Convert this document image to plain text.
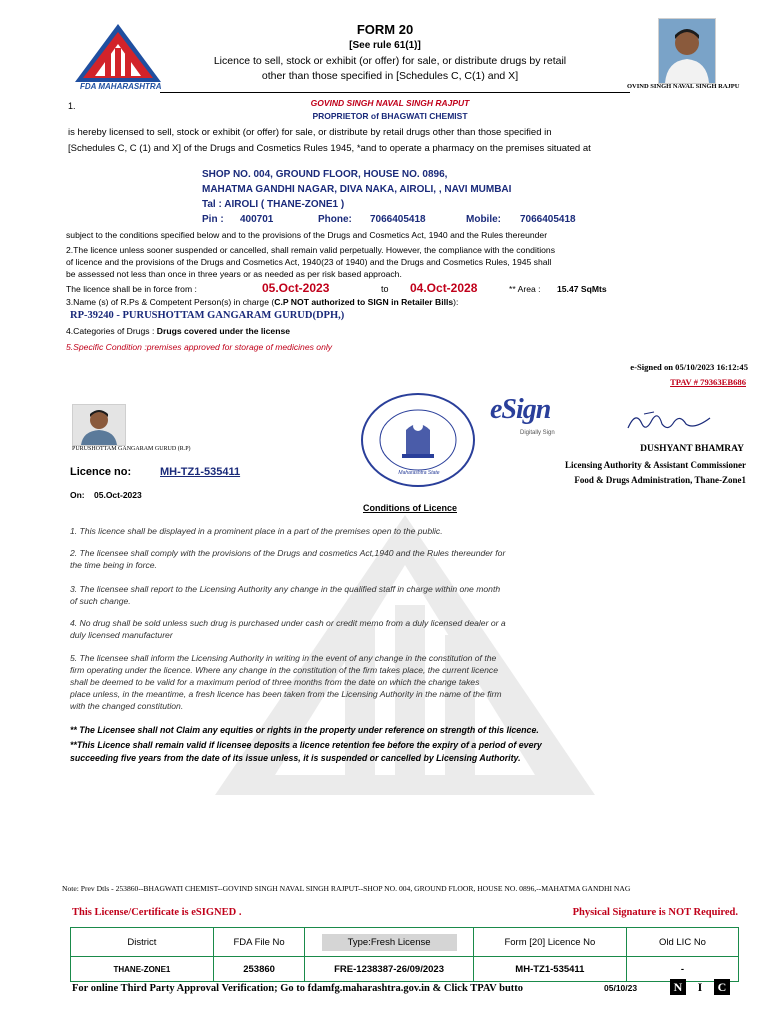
FDA MAHARASHTRA
FORM 20
[See rule 61(1)]
Licence to sell, stock or exhibit (or offer) for sale, or distribute drugs by retail
other than those specified in [Schedules C, C(1) and X]
OVIND SINGH NAVAL SINGH RAJPU
1.	GOVIND SINGH NAVAL SINGH RAJPUT
PROPRIETOR of BHAGWATI CHEMIST
is hereby licensed to sell, stock or exhibit (or offer) for sale, or distribute by retail drugs other than those specified in
[Schedules C, C (1) and X] of the Drugs and Cosmetics Rules 1945, *and to operate a pharmacy on the premises situated at
SHOP NO. 004, GROUND FLOOR, HOUSE NO. 0896,
MAHATMA GANDHI NAGAR, DIVA NAKA, AIROLI, , NAVI MUMBAI
Tal : AIROLI ( THANE-ZONE1 )
Pin : 400701	Phone: 7066405418	Mobile: 7066405418
subject to the conditions specified below and to the provisions of the Drugs and Cosmetics Act, 1940 and the Rules thereunder
2.The licence unless sooner suspended or cancelled, shall remain valid perpetually. However, the compliance with the conditions
of licence and the provisions of the Drugs and Cosmetics Act, 1940(23 of 1940) and the Drugs and Cosmetics Rules, 1945 shall
be assessed not less than once in three years or as needed as per risk based approach.
The licence shall be in force from :	05.Oct-2023	to 04.Oct-2028	** Area : 15.47 SqMts
3.Name (s) of R.Ps & Competent Person(s) in charge (C.P NOT authorized to SIGN in Retailer Bills):
RP-39240 - PURUSHOTTAM GANGARAM GURUD(DPH,)
4.Categories of Drugs : Drugs covered under the license
5.Specific Condition :premises approved for storage of medicines only
e-Signed on 05/10/2023 16:12:45
TPAV # 79363EB686
PURUSHOTTAM GANGARAM GURUD (R.P)
Maharashtra State
eSign
Digitally Sign
DUSHYANT BHAMRAY
Licensing Authority & Assistant Commissioner
Food & Drugs Administration, Thane-Zone1
Licence no:	MH-TZ1-535411
On: 05.Oct-2023
Conditions of Licence
1. This licence shall be displayed in a prominent place in a part of the premises open to the public.
2. The licensee shall comply with the provisions of the Drugs and cosmetics Act,1940 and the Rules thereunder for
the time being in force.
3. The licensee shall report to the Licensing Authority any change in the qualified staff in charge within one month
of such change.
4. No drug shall be sold unless such drug is purchased under cash or credit memo from a duly licensed dealer or a
duly licensed manufacturer
5. The licensee shall inform the Licensing Authority in writing in the event of any change in the constitution of the
firm operating under the licence. Where any change in the constitution of the firm takes place, the current licence
shall be deemed to be valid for a maximum period of three months from the date on which the change takes
place unless, in the meantime, a fresh licence has been taken from the Licensing Authority in the name of the firm
with the changed constitution.
** The Licensee shall not Claim any equities or rights in the property under reference on strength of this licence.
**This Licence shall remain valid if licensee deposits a licence retention fee before the expiry of a period of every
succeeding five years from the date of its issue unless, it is suspended or cancelled by Licensing Authority.
Note: Prev Dtls - 253860--BHAGWATI CHEMIST--GOVIND SINGH NAVAL SINGH RAJPUT--SHOP NO. 004, GROUND FLOOR, HOUSE NO. 0896,--MAHATMA GANDHI NAG
This License/Certificate is eSIGNED .	Physical Signature is NOT Required.
District	FDA File No	Type:Fresh License	Form [20] Licence No	Old LIC No
THANE-ZONE1	253860	FRE-1238387-26/09/2023	MH-TZ1-535411	-
For online Third Party Approval Verification; Go to fdamfg.maharashtra.gov.in & Click TPAV butto	05/10/23	N	I	C
